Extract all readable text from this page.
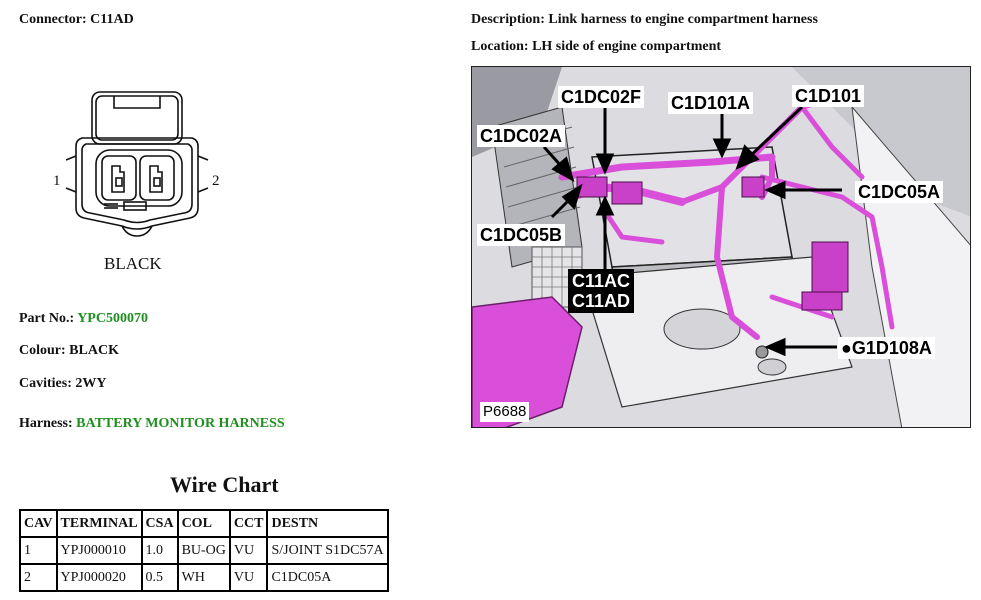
Connector: C11AD	Description: Link harness to engine compartment harness
Location: LH side of engine compartment
1	2
BLACK
Part No.: YPC500070
Colour: BLACK
Cavities: 2WY
Harness: BATTERY MONITOR HARNESS
C1DC02F C1D101A C1D101
C1DC02A
C1DC05A
C1DC05B
C11AC
C11AD
●G1D108A
P6688
Wire Chart
CAV	TERMINAL	CSA	COL	CCT	DESTN
1	YPJ000010	1.0	BU-OG	VU	S/JOINT S1DC57A
2	YPJ000020	0.5	WH	VU	C1DC05A
